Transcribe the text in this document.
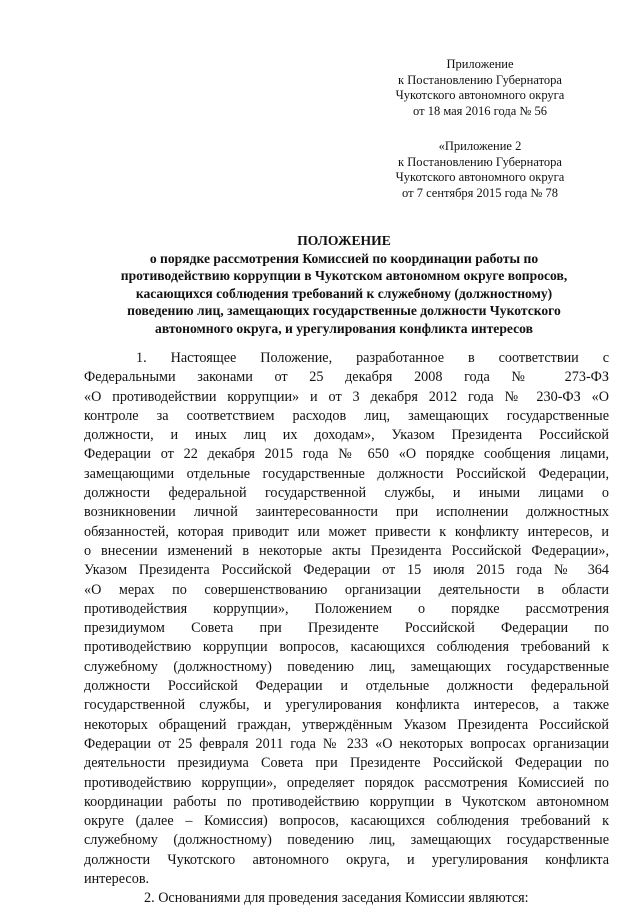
Приложение
к Постановлению Губернатора
Чукотского автономного округа
от 18 мая 2016 года № 56
«Приложение 2
к Постановлению Губернатора
Чукотского автономного округа
от 7 сентября 2015 года № 78
ПОЛОЖЕНИЕ
о порядке рассмотрения Комиссией по координации работы по
противодействию коррупции в Чукотском автономном округе вопросов,
касающихся соблюдения требований к служебному (должностному)
поведению лиц, замещающих государственные должности Чукотского
автономного округа, и урегулирования конфликта интересов
1. Настоящее Положение, разработанное в соответствии с
Федеральными законами от 25 декабря 2008 года № 273-ФЗ
«О противодействии коррупции» и от 3 декабря 2012 года № 230-ФЗ «О
контроле за соответствием расходов лиц, замещающих государственные
должности, и иных лиц их доходам», Указом Президента Российской
Федерации от 22 декабря 2015 года № 650 «О порядке сообщения лицами,
замещающими отдельные государственные должности Российской Федерации,
должности федеральной государственной службы, и иными лицами о
возникновении личной заинтересованности при исполнении должностных
обязанностей, которая приводит или может привести к конфликту интересов, и
о внесении изменений в некоторые акты Президента Российской Федерации»,
Указом Президента Российской Федерации от 15 июля 2015 года № 364
«О мерах по совершенствованию организации деятельности в области
противодействия коррупции», Положением о порядке рассмотрения
президиумом Совета при Президенте Российской Федерации по
противодействию коррупции вопросов, касающихся соблюдения требований к
служебному (должностному) поведению лиц, замещающих государственные
должности Российской Федерации и отдельные должности федеральной
государственной службы, и урегулирования конфликта интересов, а также
некоторых обращений граждан, утверждённым Указом Президента Российской
Федерации от 25 февраля 2011 года № 233 «О некоторых вопросах организации
деятельности президиума Совета при Президенте Российской Федерации по
противодействию коррупции», определяет порядок рассмотрения Комиссией по
координации работы по противодействию коррупции в Чукотском автономном
округе (далее – Комиссия) вопросов, касающихся соблюдения требований к
служебному (должностному) поведению лиц, замещающих государственные
должности Чукотского автономного округа, и урегулирования конфликта
интересов.
2. Основаниями для проведения заседания Комиссии являются:
